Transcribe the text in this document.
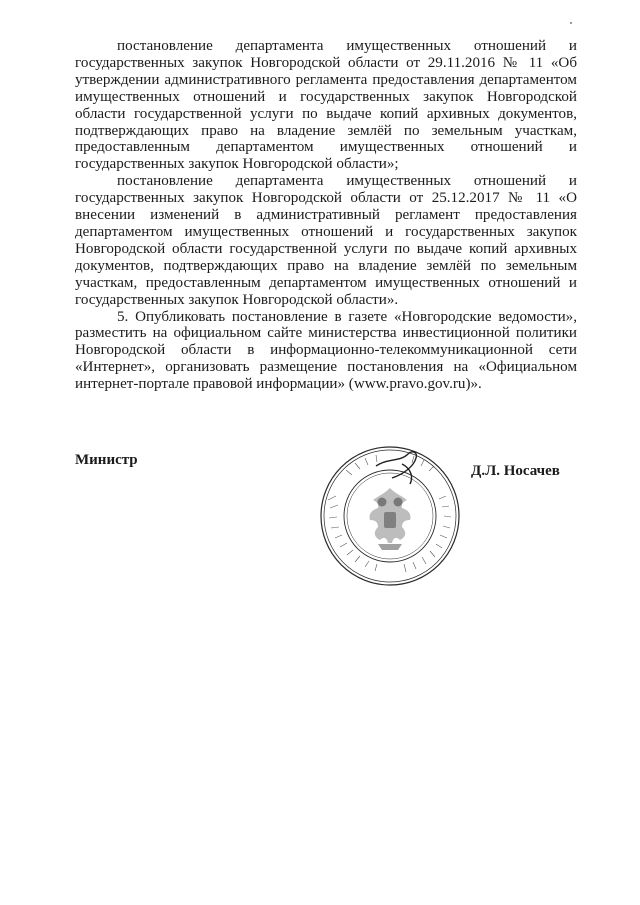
постановление департамента имущественных отношений и государственных закупок Новгородской области от 29.11.2016 № 11 «Об утверждении административного регламента предоставления департаментом имущественных отношений и государственных закупок Новгородской области государственной услуги по выдаче копий архивных документов, подтверждающих право на владение землёй по земельным участкам, предоставленным департаментом имущественных отношений и государственных закупок Новгородской области»;

постановление департамента имущественных отношений и государственных закупок Новгородской области от 25.12.2017 № 11 «О внесении изменений в административный регламент предоставления департаментом имущественных отношений и государственных закупок Новгородской области государственной услуги по выдаче копий архивных документов, подтверждающих право на владение землёй по земельным участкам, предоставленным департаментом имущественных отношений и государственных закупок Новгородской области».

5. Опубликовать постановление в газете «Новгородские ведомости», разместить на официальном сайте министерства инвестиционной политики Новгородской области в информационно-телекоммуникационной сети «Интернет», организовать размещение постановления на «Официальном интернет-портале правовой информации» (www.pravo.gov.ru)».

Министр
Д.Л. Носачев
